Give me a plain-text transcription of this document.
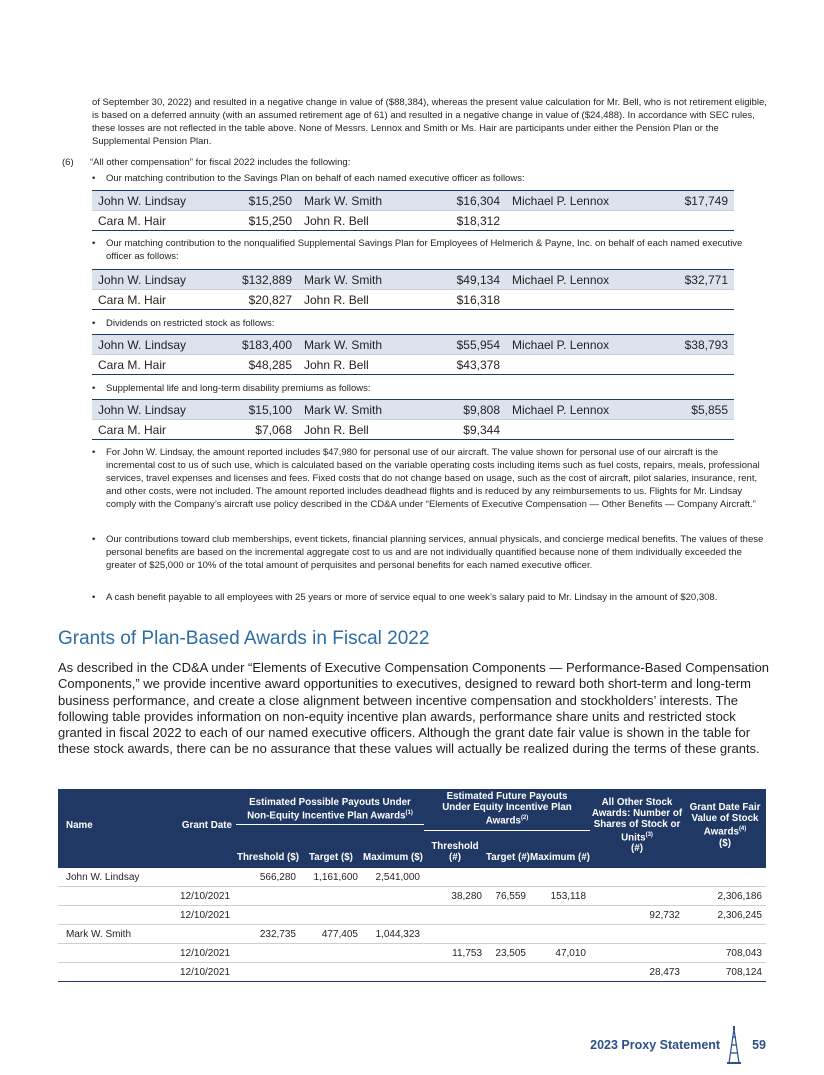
of September 30, 2022) and resulted in a negative change in value of ($88,384), whereas the present value calculation for Mr. Bell, who is not retirement eligible, is based on a deferred annuity (with an assumed retirement age of 61) and resulted in a negative change in value of ($24,488). In accordance with SEC rules, these losses are not reflected in the table above. None of Messrs. Lennox and Smith or Ms. Hair are participants under either the Pension Plan or the Supplemental Pension Plan.

(6) “All other compensation” for fiscal 2022 includes the following:
• Our matching contribution to the Savings Plan on behalf of each named executive officer as follows:
John W. Lindsay	$15,250	Mark W. Smith	$16,304	Michael P. Lennox	$17,749
Cara M. Hair	$15,250	John R. Bell	$18,312		
• Our matching contribution to the nonqualified Supplemental Savings Plan for Employees of Helmerich & Payne, Inc. on behalf of each named executive officer as follows:
John W. Lindsay	$132,889	Mark W. Smith	$49,134	Michael P. Lennox	$32,771
Cara M. Hair	$20,827	John R. Bell	$16,318		
• Dividends on restricted stock as follows:
John W. Lindsay	$183,400	Mark W. Smith	$55,954	Michael P. Lennox	$38,793
Cara M. Hair	$48,285	John R. Bell	$43,378		
• Supplemental life and long-term disability premiums as follows:
John W. Lindsay	$15,100	Mark W. Smith	$9,808	Michael P. Lennox	$5,855
Cara M. Hair	$7,068	John R. Bell	$9,344		
• For John W. Lindsay, the amount reported includes $47,980 for personal use of our aircraft. The value shown for personal use of our aircraft is the incremental cost to us of such use, which is calculated based on the variable operating costs including items such as fuel costs, repairs, meals, professional services, travel expenses and licenses and fees. Fixed costs that do not change based on usage, such as the cost of aircraft, pilot salaries, insurance, rent, and other costs, were not included. The amount reported includes deadhead flights and is reduced by any reimbursements to us. Flights for Mr. Lindsay comply with the Company’s aircraft use policy described in the CD&A under “Elements of Executive Compensation — Other Benefits — Company Aircraft.”
• Our contributions toward club memberships, event tickets, financial planning services, annual physicals, and concierge medical benefits. The values of these personal benefits are based on the incremental aggregate cost to us and are not individually quantified because none of them individually exceeded the greater of $25,000 or 10% of the total amount of perquisites and personal benefits for each named executive officer.
• A cash benefit payable to all employees with 25 years or more of service equal to one week’s salary paid to Mr. Lindsay in the amount of $20,308.
Grants of Plan-Based Awards in Fiscal 2022

As described in the CD&A under “Elements of Executive Compensation Components — Performance-Based Compensation Components,” we provide incentive award opportunities to executives, designed to reward both short-term and long-term business performance, and create a close alignment between incentive compensation and stockholders’ interests. The following table provides information on non-equity incentive plan awards, performance share units and restricted stock granted in fiscal 2022 to each of our named executive officers. Although the grant date fair value is shown in the table for these stock awards, there can be no assurance that these values will actually be realized during the terms of these grants.

Name	Grant Date	Estimated Possible Payouts Under Non-Equity Incentive Plan Awards$^{(1)}$			Estimated Future Payouts Under Equity Incentive Plan Awards$^{(2)}$			All Other Stock Awards: Number of Shares of Stock or Units$^{(3)}$
(#)	Grant Date Fair Value of Stock Awards$^{(4)}$
($)
		Threshold ($)	Target ($)	Maximum ($)	Threshold (#)	Target (#)	Maximum (#)		
John W. Lindsay		566,280	1,161,600	2,541,000					
	12/10/2021				38,280	76,559	153,118		2,306,186
	12/10/2021							92,732	2,306,245
Mark W. Smith		232,735	477,405	1,044,323					
	12/10/2021				11,753	23,505	47,010		708,043
	12/10/2021							28,473	708,124
2023 Proxy Statement	59
